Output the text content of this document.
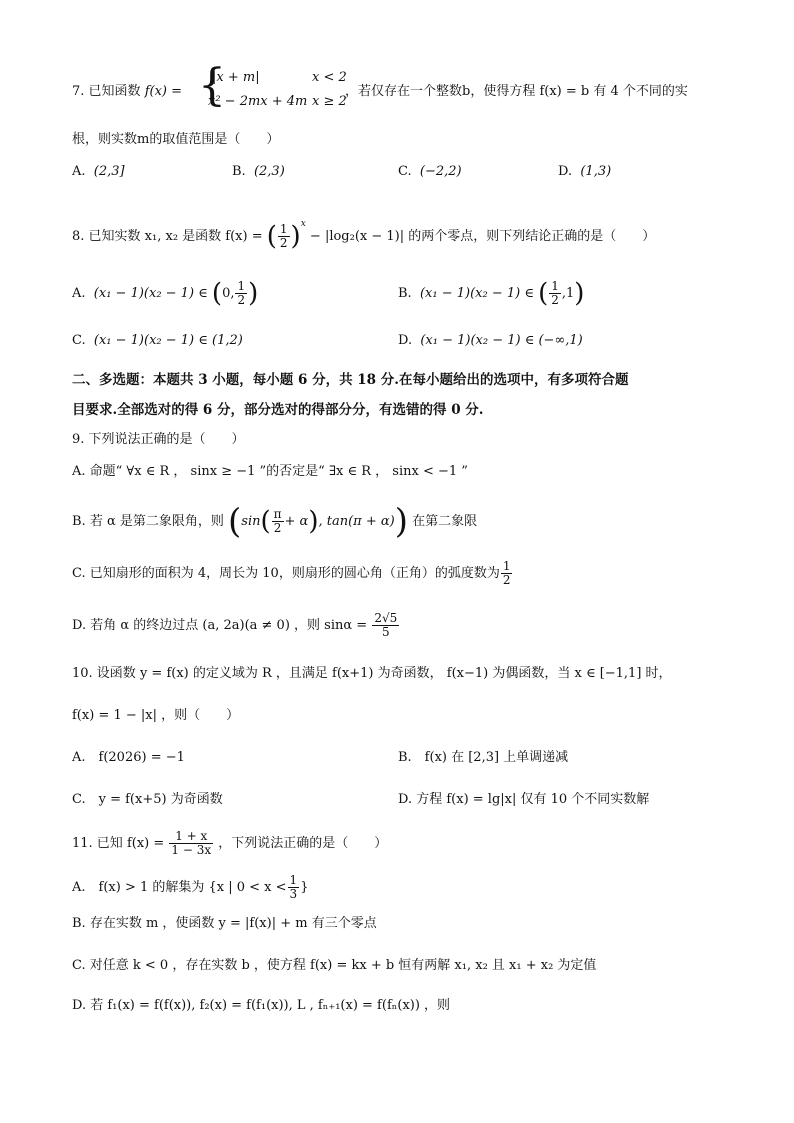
7. 已知函数 f(x) = {
|x + m|	x < 2
x² − 2mx + 4m x ≥ 2
，若仅存在一个整数b，使得方程 f(x) = b 有 4 个不同的实
根，则实数m的取值范围是（　　）
A. (2,3]	B. (2,3)	C. (−2,2)	D. (1,3)
8. 已知实数 x₁, x₂ 是函数 f(x) = ( $\frac{1}{2} )^x - |\log_2(x - 1)|$ 的两个零点，则下列结论正确的是（　　）
A. (x₁ − 1)(x₂ − 1) ∈ (0, $\frac{1}{2}$ )	B. (x₁ − 1)(x₂ − 1) ∈ ( $\frac{1}{2} ,1$)
C. (x₁ − 1)(x₂ − 1) ∈ (1,2)	D. (x₁ − 1)(x₂ − 1) ∈ (−∞,1)
二、多选题：本题共 3 小题，每小题 6 分，共 18 分.在每小题给出的选项中，有多项符合题
目要求.全部选对的得 6 分，部分选对的得部分分，有选错的得 0 分.
9. 下列说法正确的是（　　）
A. 命题“ ∀x ∈ R ， sinx ≥ −1 ”的否定是“ ∃x ∈ R ， sinx < −1 ”
B. 若 α 是第二象限角，则 ($\sin( \frac{\pi}{2} + \alpha)$, tan(π + α)) 在第二象限
C. 已知扇形的面积为 4，周长为 10，则扇形的圆心角（正角）的弧度数为 $\frac{1}{2}$
D. 若角 α 的终边过点 (a, 2a)(a ≠ 0) ，则 $\sin\alpha = \frac{2√5}{5}$
10. 设函数 y = f(x) 的定义域为 R ，且满足 f(x+1) 为奇函数， f(x−1) 为偶函数，当 x ∈ [−1,1] 时，
f(x) = 1 − |x| ，则（　　）
A.　f(2026) = −1	B.　f(x) 在 [2,3] 上单调递减
C.　y = f(x+5) 为奇函数	D. 方程 f(x) = lg|x| 仅有 10 个不同实数解
11. 已知 $f(x) = \frac{1 + x}{1 - 3x}$ ，下列说法正确的是（　　）
A.　f(x) > 1 的解集为 {x | $0 < x < \frac{1}{3}$ }
B. 存在实数 m ，使函数 y = |f(x)| + m 有三个零点
C. 对任意 k < 0 ，存在实数 b ，使方程 f(x) = kx + b 恒有两解 x₁, x₂ 且 x₁ + x₂ 为定值
D. 若 f₁(x) = f(f(x)), f₂(x) = f(f₁(x)), L , fₙ₊₁(x) = f(fₙ(x)) ，则
